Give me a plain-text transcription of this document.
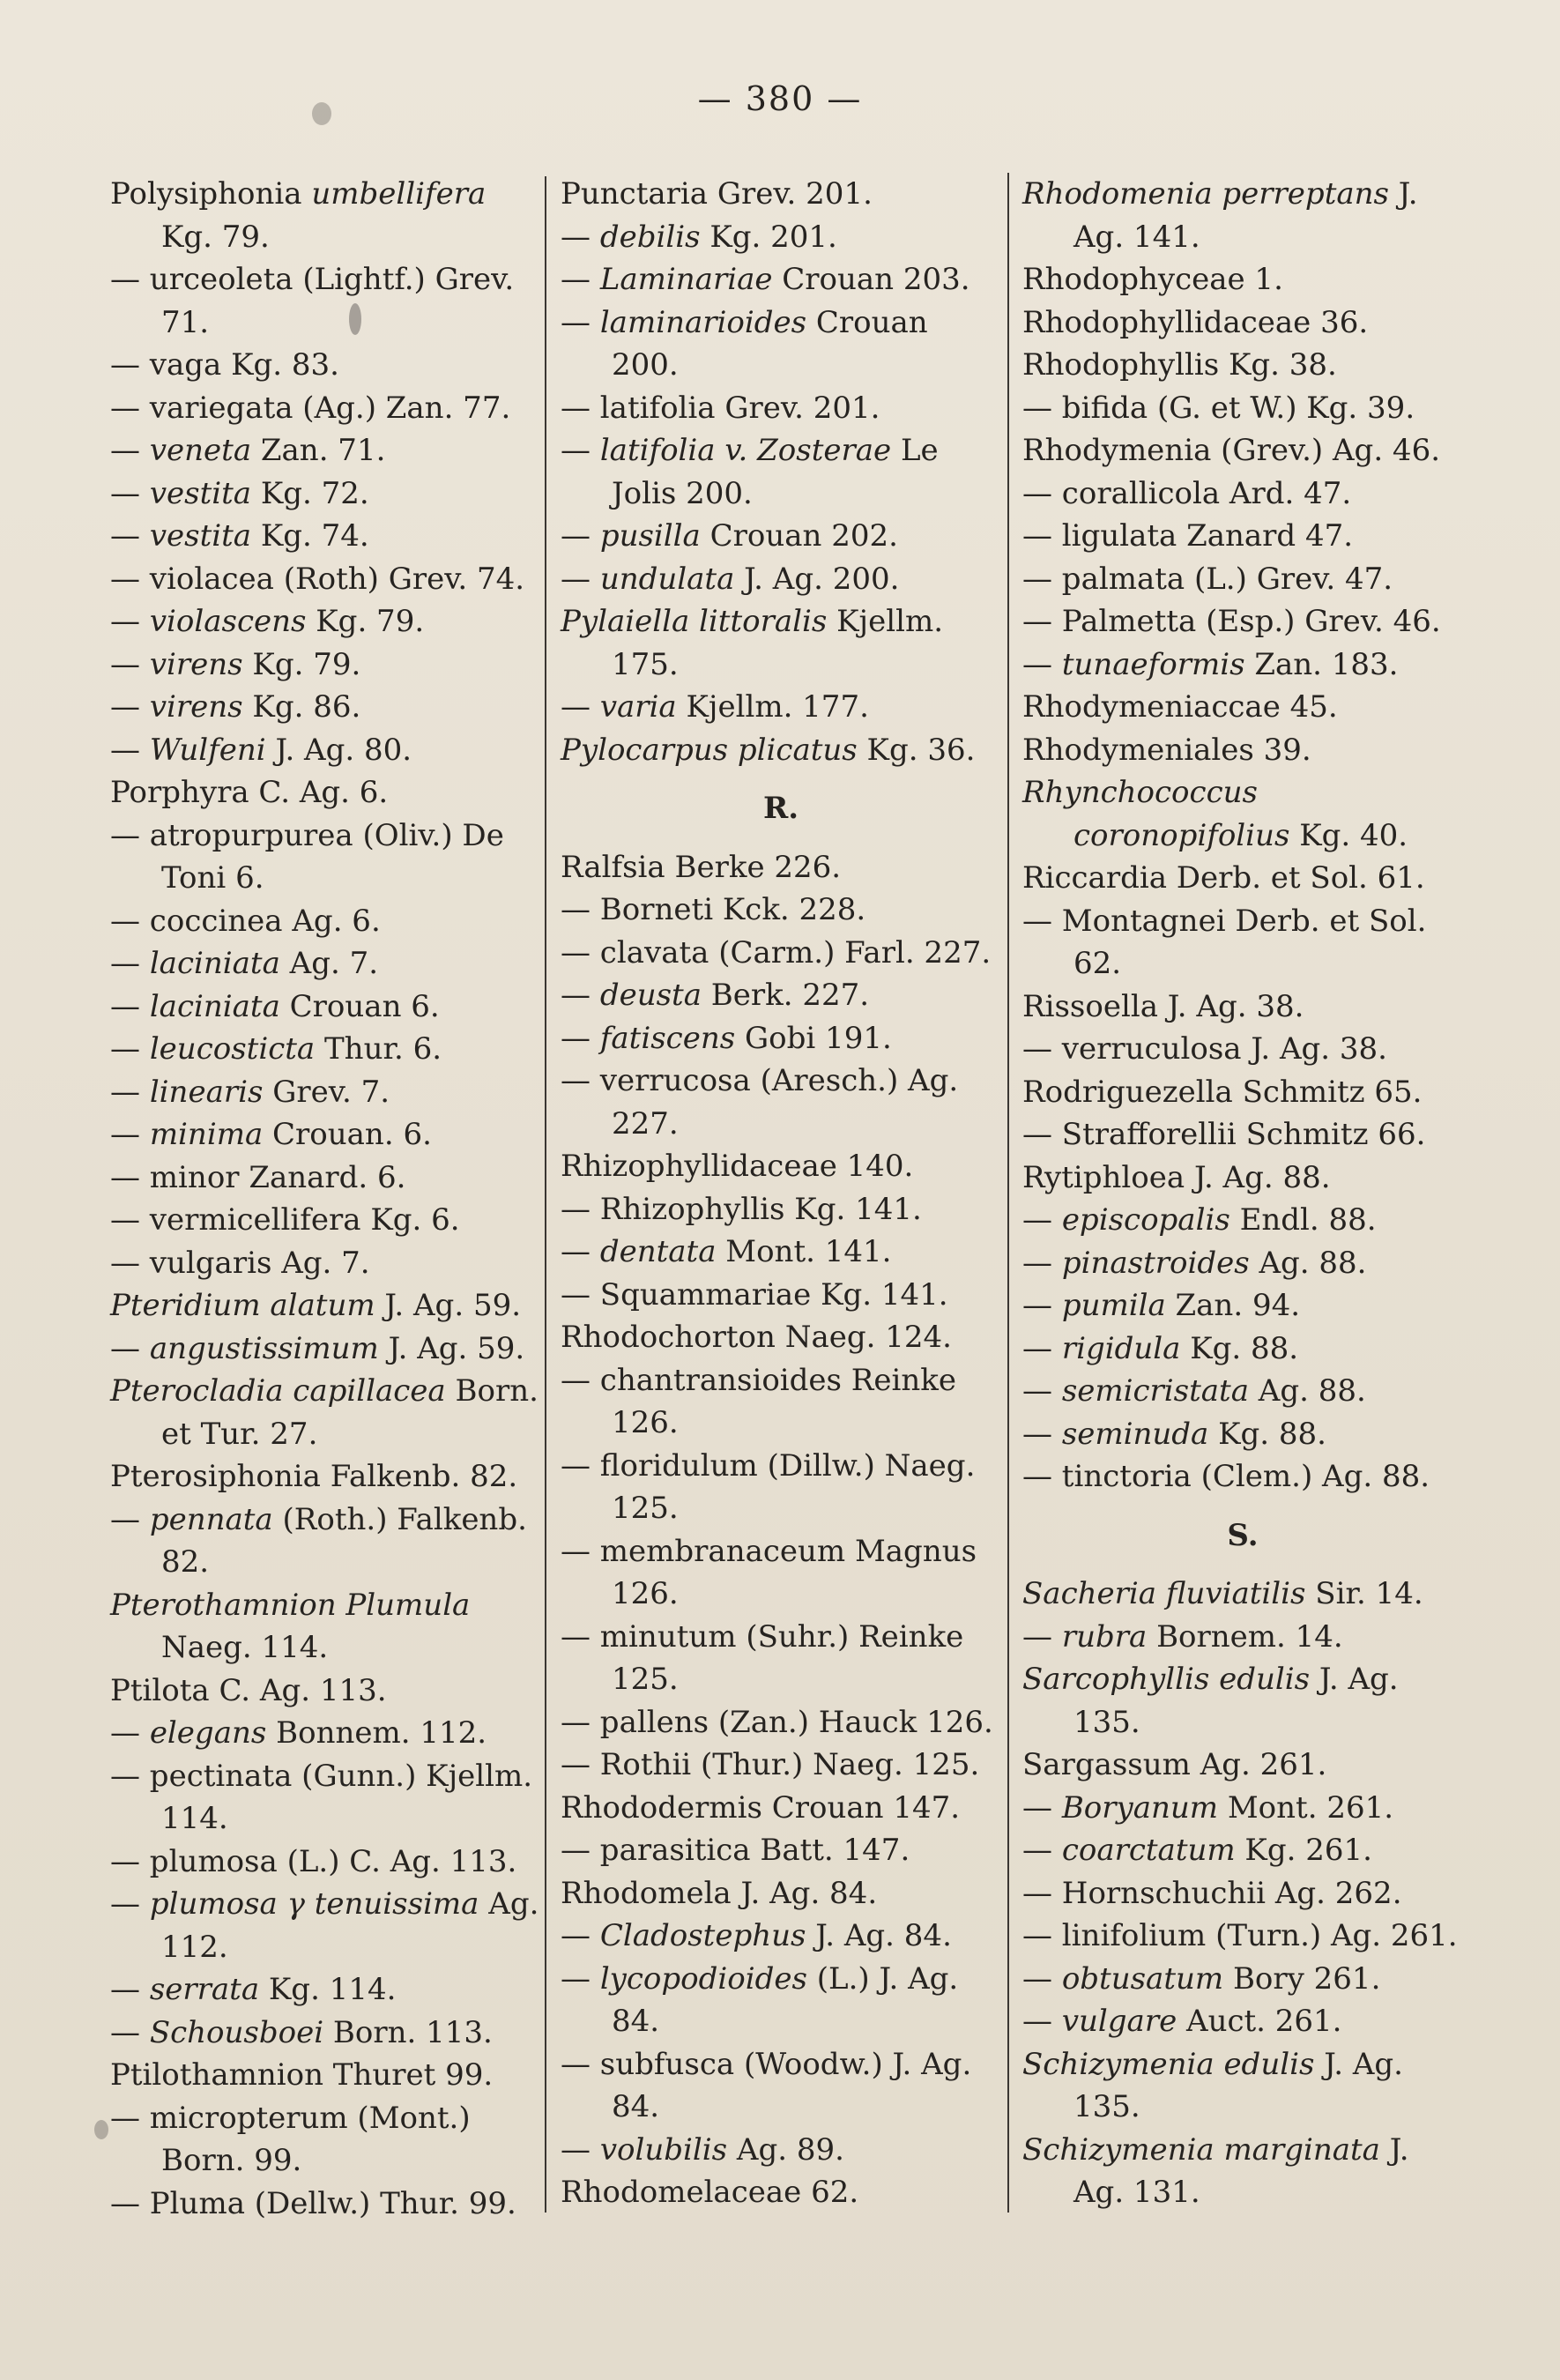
— 380 —
Polysiphonia umbellifera Kg. 79.
— urceoleta (Lightf.) Grev. 71.
— vaga Kg. 83.
— variegata (Ag.) Zan. 77.
— veneta Zan. 71.
— vestita Kg. 72.
— vestita Kg. 74.
— violacea (Roth) Grev. 74.
— violascens Kg. 79.
— virens Kg. 79.
— virens Kg. 86.
— Wulfeni J. Ag. 80.
Porphyra C. Ag. 6.
— atropurpurea (Oliv.) De Toni 6.
— coccinea Ag. 6.
— laciniata Ag. 7.
— laciniata Crouan 6.
— leucosticta Thur. 6.
— linearis Grev. 7.
— minima Crouan. 6.
— minor Zanard. 6.
— vermicellifera Kg. 6.
— vulgaris Ag. 7.
Pteridium alatum J. Ag. 59.
— angustissimum J. Ag. 59.
Pterocladia capillacea Born. et Tur. 27.
Pterosiphonia Falkenb. 82.
— pennata (Roth.) Falkenb. 82.
Pterothamnion Plumula Naeg. 114.
Ptilota C. Ag. 113.
— elegans Bonnem. 112.
— pectinata (Gunn.) Kjellm. 114.
— plumosa (L.) C. Ag. 113.
— plumosa γ tenuissima Ag. 112.
— serrata Kg. 114.
— Schousboei Born. 113.
Ptilothamnion Thuret 99.
— micropterum (Mont.) Born. 99.
— Pluma (Dellw.) Thur. 99.
Punctaria Grev. 201.
— debilis Kg. 201.
— Laminariae Crouan 203.
— laminarioides Crouan 200.
— latifolia Grev. 201.
— latifolia v. Zosterae Le Jolis 200.
— pusilla Crouan 202.
— undulata J. Ag. 200.
Pylaiella littoralis Kjellm. 175.
— varia Kjellm. 177.
Pylocarpus plicatus Kg. 36.
R.
Ralfsia Berke 226.
— Borneti Kck. 228.
— clavata (Carm.) Farl. 227.
— deusta Berk. 227.
— fatiscens Gobi 191.
— verrucosa (Aresch.) Ag. 227.
Rhizophyllidaceae 140.
— Rhizophyllis Kg. 141.
— dentata Mont. 141.
— Squammariae Kg. 141.
Rhodochorton Naeg. 124.
— chantransioides Reinke 126.
— floridulum (Dillw.) Naeg. 125.
— membranaceum Magnus 126.
— minutum (Suhr.) Reinke 125.
— pallens (Zan.) Hauck 126.
— Rothii (Thur.) Naeg. 125.
Rhododermis Crouan 147.
— parasitica Batt. 147.
Rhodomela J. Ag. 84.
— Cladostephus J. Ag. 84.
— lycopodioides (L.) J. Ag. 84.
— subfusca (Woodw.) J. Ag. 84.
— volubilis Ag. 89.
Rhodomelaceae 62.
Rhodomenia perreptans J. Ag. 141.
Rhodophyceae 1.
Rhodophyllidaceae 36.
Rhodophyllis Kg. 38.
— bifida (G. et W.) Kg. 39.
Rhodymenia (Grev.) Ag. 46.
— corallicola Ard. 47.
— ligulata Zanard 47.
— palmata (L.) Grev. 47.
— Palmetta (Esp.) Grev. 46.
— tunaeformis Zan. 183.
Rhodymeniaccae 45.
Rhodymeniales 39.
Rhynchococcus coronopifolius Kg. 40.
Riccardia Derb. et Sol. 61.
— Montagnei Derb. et Sol. 62.
Rissoella J. Ag. 38.
— verruculosa J. Ag. 38.
Rodriguezella Schmitz 65.
— Strafforellii Schmitz 66.
Rytiphloea J. Ag. 88.
— episcopalis Endl. 88.
— pinastroides Ag. 88.
— pumila Zan. 94.
— rigidula Kg. 88.
— semicristata Ag. 88.
— seminuda Kg. 88.
— tinctoria (Clem.) Ag. 88.
S.
Sacheria fluviatilis Sir. 14.
— rubra Bornem. 14.
Sarcophyllis edulis J. Ag. 135.
Sargassum Ag. 261.
— Boryanum Mont. 261.
— coarctatum Kg. 261.
— Hornschuchii Ag. 262.
— linifolium (Turn.) Ag. 261.
— obtusatum Bory 261.
— vulgare Auct. 261.
Schizymenia edulis J. Ag. 135.
Schizymenia marginata J. Ag. 131.
